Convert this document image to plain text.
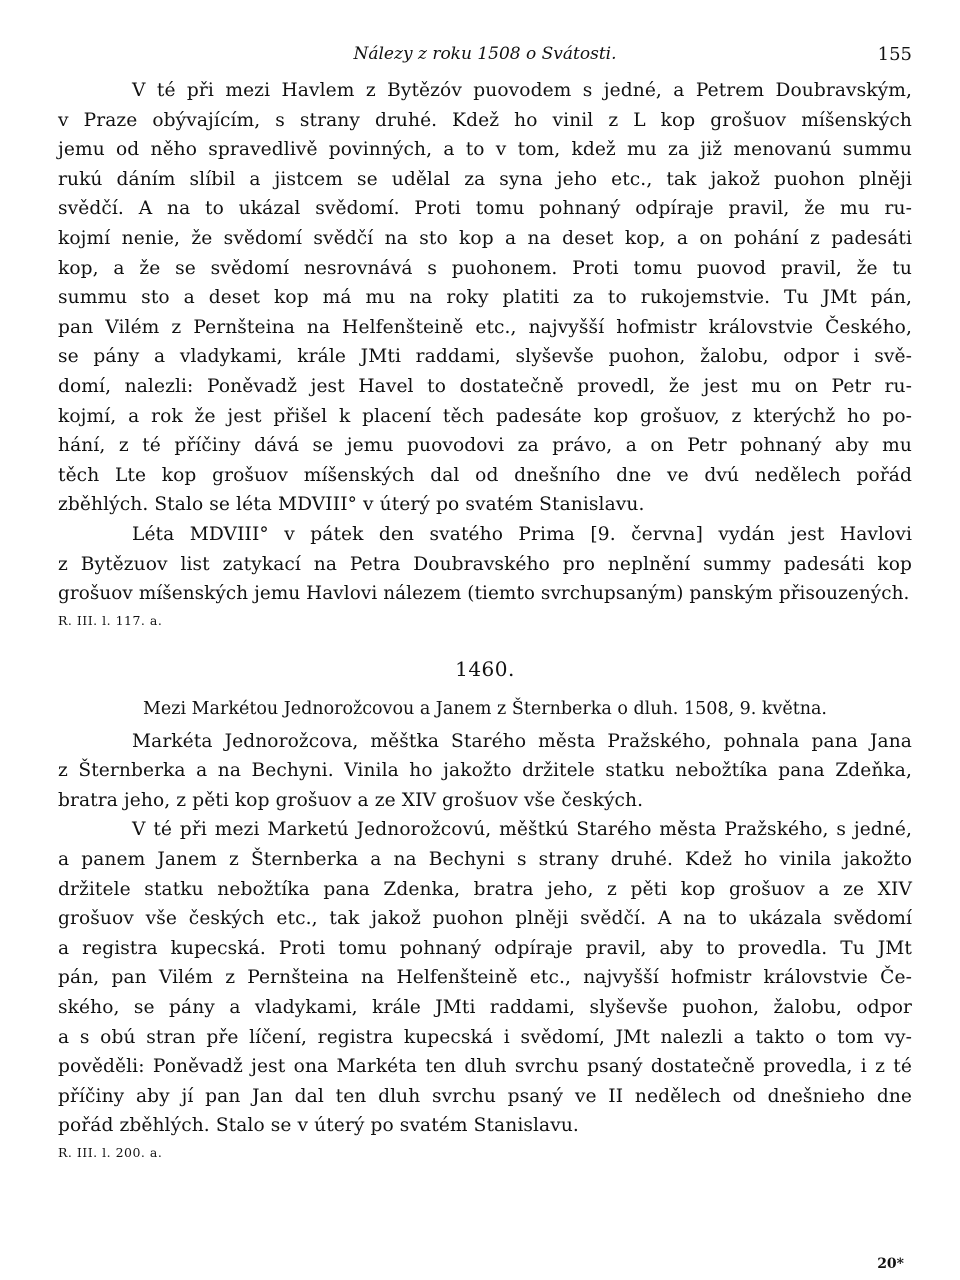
Nálezy z roku 1508 o Svátosti.	155

V té při mezi Havlem z Bytězóv puovodem s jedné, a Petrem Doubravským,
v Praze obývajícím, s strany druhé. Kdež ho vinil z L kop grošuov míšenských
jemu od něho spravedlivě povinných, a to v tom, kdež mu za již menovanú summu
rukú dáním slíbil a jistcem se udělal za syna jeho etc., tak jakož puohon plněji
svědčí. A na to ukázal svědomí. Proti tomu pohnaný odpíraje pravil, že mu ru-
kojmí nenie, že svědomí svědčí na sto kop a na deset kop, a on pohání z padesáti
kop, a že se svědomí nesrovnává s puohonem. Proti tomu puovod pravil, že tu
summu sto a deset kop má mu na roky platiti za to rukojemstvie. Tu JMt pán,
pan Vilém z Pernšteina na Helfenšteině etc., najvyšší hofmistr královstvie Českého,
se pány a vladykami, krále JMti raddami, slyševše puohon, žalobu, odpor i svě-
domí, nalezli: Poněvadž jest Havel to dostatečně provedl, že jest mu on Petr ru-
kojmí, a rok že jest přišel k placení těch padesáte kop grošuov, z kterýchž ho po-
hání, z té příčiny dává se jemu puovodovi za právo, a on Petr pohnaný aby mu
těch Lte kop grošuov míšenských dal od dnešního dne ve dvú nedělech pořád
zběhlých. Stalo se léta MDVIII° v úterý po svatém Stanislavu.

Léta MDVIII° v pátek den svatého Prima [9. června] vydán jest Havlovi
z Bytězuov list zatykací na Petra Doubravského pro neplnění summy padesáti kop
grošuov míšenských jemu Havlovi nálezem (tiemto svrchupsaným) panským přisouzených.

R. III. l. 117. a.
1460.
Mezi Markétou Jednorožcovou a Janem z Šternberka o dluh. 1508, 9. května.

Markéta Jednorožcova, měštka Starého města Pražského, pohnala pana Jana
z Šternberka a na Bechyni. Vinila ho jakožto držitele statku nebožtíka pana Zdeňka,
bratra jeho, z pěti kop grošuov a ze XIV grošuov vše českých.

V té při mezi Marketú Jednorožcovú, měštkú Starého města Pražského, s jedné,
a panem Janem z Šternberka a na Bechyni s strany druhé. Kdež ho vinila jakožto
držitele statku nebožtíka pana Zdenka, bratra jeho, z pěti kop grošuov a ze XIV
grošuov vše českých etc., tak jakož puohon plněji svědčí. A na to ukázala svědomí
a registra kupecská. Proti tomu pohnaný odpíraje pravil, aby to provedla. Tu JMt
pán, pan Vilém z Pernšteina na Helfenšteině etc., najvyšší hofmistr královstvie Če-
ského, se pány a vladykami, krále JMti raddami, slyševše puohon, žalobu, odpor
a s obú stran pře líčení, registra kupecská i svědomí, JMt nalezli a takto o tom vy-
pověděli: Poněvadž jest ona Markéta ten dluh svrchu psaný dostatečně provedla, i z té
příčiny aby jí pan Jan dal ten dluh svrchu psaný ve II nedělech od dnešnieho dne
pořád zběhlých. Stalo se v úterý po svatém Stanislavu.

R. III. l. 200. a.
20*
